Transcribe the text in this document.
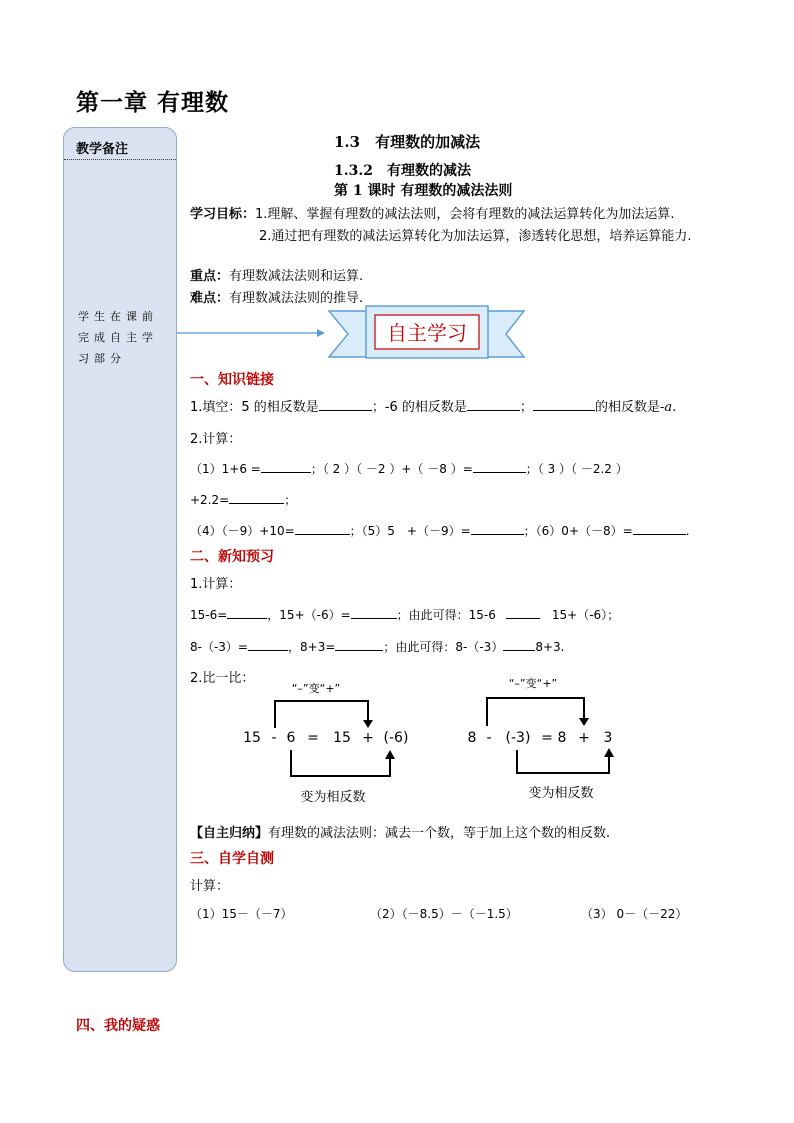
第一章 有理数
教学备注
学生在课前完成自主学习部分
1.3　有理数的加减法
1.3.2　有理数的减法
第 1 课时 有理数的减法法则
学习目标：1.理解、掌握有理数的减法法则，会将有理数的减法运算转化为加法运算.
2.通过把有理数的减法运算转化为加法运算，渗透转化思想，培养运算能力.
重点：有理数减法法则和运算.
难点：有理数减法法则的推导.
自主学习
一、知识链接
1.填空：5 的相反数是	；-6 的相反数是	；	的相反数是-a.
2.计算：
（1）1+6 =	；（ 2 ）（ －2 ）+（ －8 ）=	；（ 3 ）（ －2.2 ）
+2.2=	；
（4）（－9）+10=	；（5）5　+（－9）=	；（6）0+（－8）=	.
二、新知预习
1.计算：
15-6=	，15+（-6）=	；由此可得：15-6	15+（-6）；
8-（-3）=	，8+3=	；由此可得：8-（-3）	8+3.
2.比一比：
“–”变“+”
15 - 6 = 15 + (-6)
变为相反数
“–”变“+”
8 - (-3) = 8 + 3
变为相反数
【自主归纳】有理数的减法法则：减去一个数，等于加上这个数的相反数.
三、自学自测
计算：
（1）15－（－7）	（2）（－8.5）－（－1.5）	（3） 0－（－22）
四、我的疑惑
